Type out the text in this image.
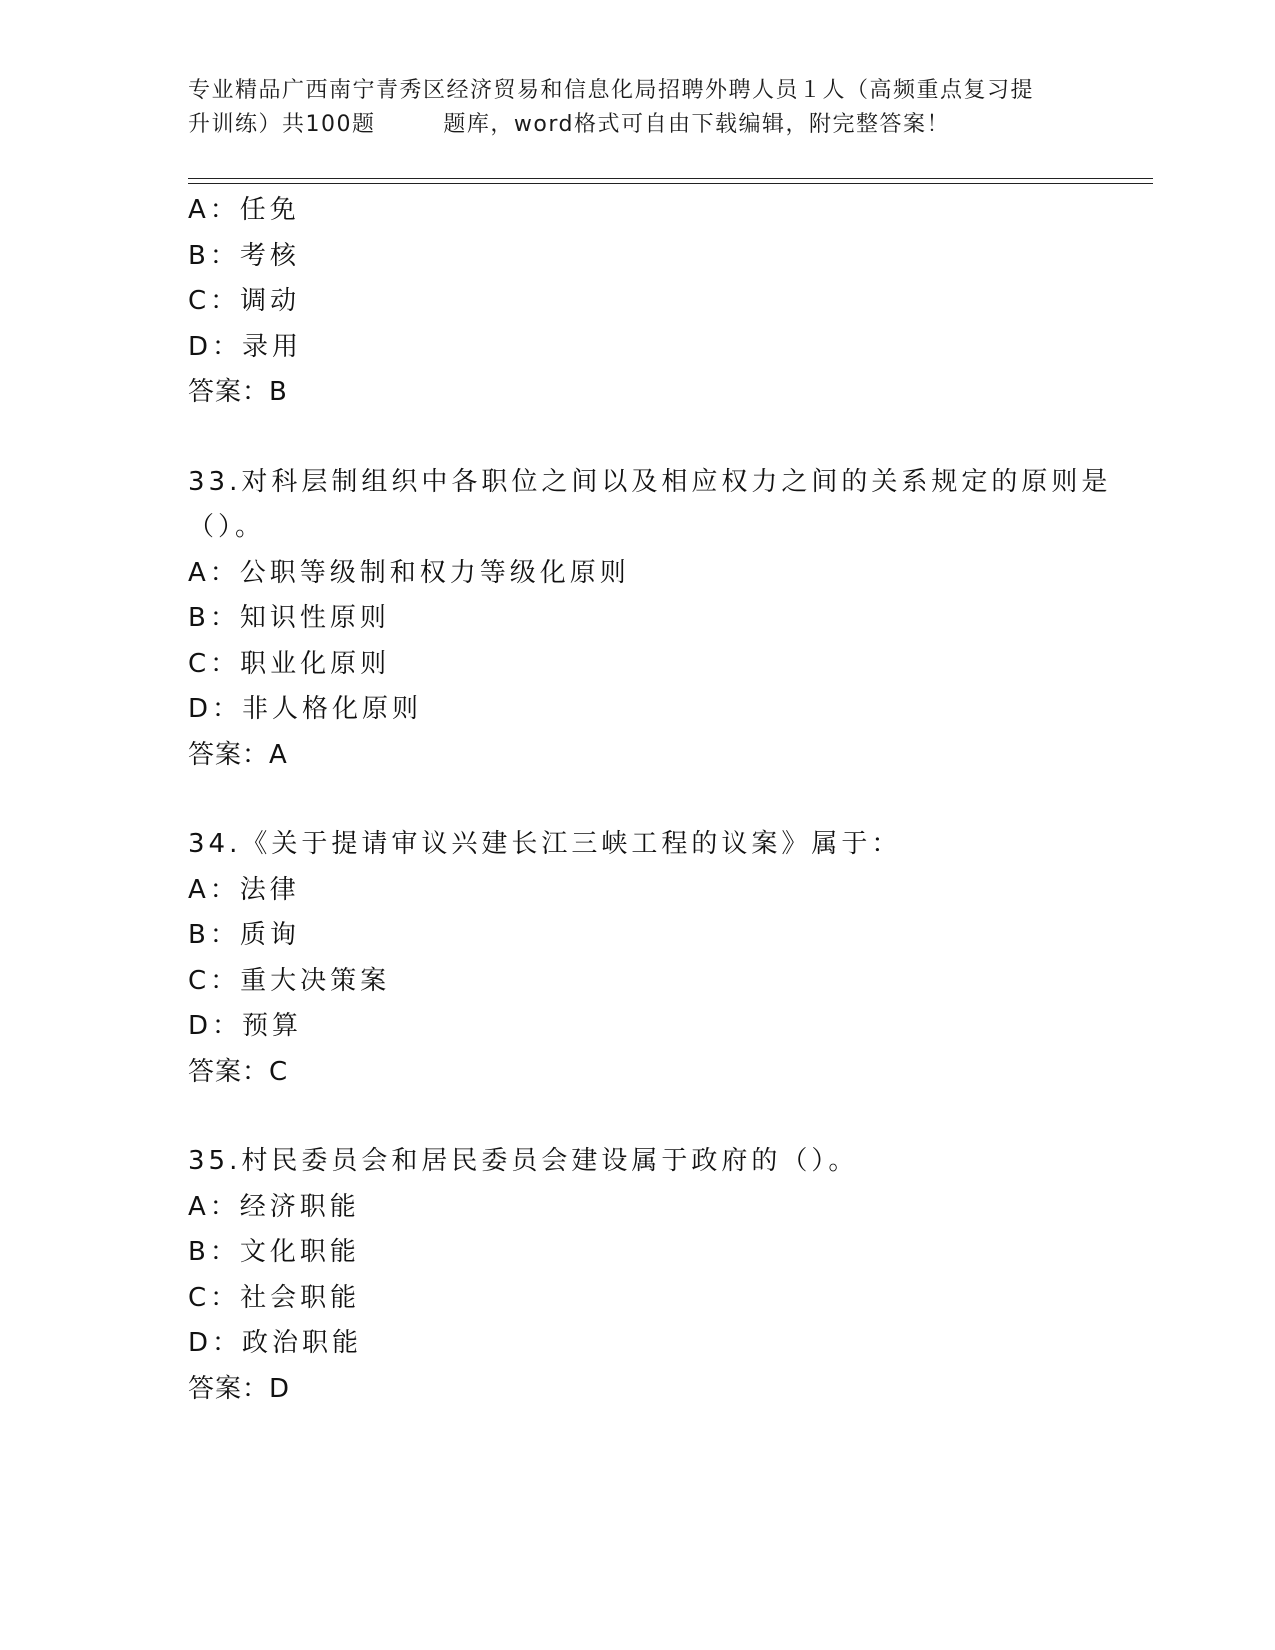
专业精品广西南宁青秀区经济贸易和信息化局招聘外聘人员１人（高频重点复习提
升训练）共100题        题库，word格式可自由下载编辑，附完整答案！
A：任免
B：考核
C：调动
D：录用
答案：B
33.对科层制组织中各职位之间以及相应权力之间的关系规定的原则是
（）。
A：公职等级制和权力等级化原则
B：知识性原则
C：职业化原则
D：非人格化原则
答案：A
34.《关于提请审议兴建长江三峡工程的议案》属于：
A：法律
B：质询
C：重大决策案
D：预算
答案：C
35.村民委员会和居民委员会建设属于政府的（）。
A：经济职能
B：文化职能
C：社会职能
D：政治职能
答案：D
